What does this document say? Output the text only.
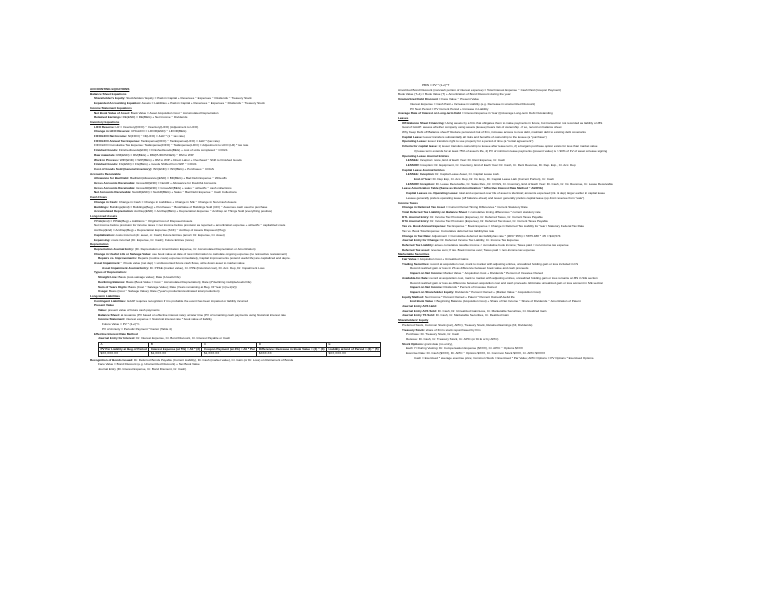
ACCOUNTING EQUATIONS
Balance Sheet Equations
Shareholder's Equity: Stockholders' Equity = Paid-in Capital + Revenues − Expenses − Dividends − Treasury Stock
Expanded Accounting Equation: Assets = Liabilities + Paid-in Capital + Revenues − Expenses − Dividends − Treasury Stock
Income Statement Equations
Net Book Value of Asset: Book Value = Asset Acquisition Cost − Accumulated Depreciation
Retained Earnings: RE(END) = RE(BEG) + Net Income − Dividends
Inventory Equations
LIFO Reserve: LR = Inventory(FIFO) − Inventory(LIFO) (Adjustment to LIFO)
Change in LIFO Reserve: CHGLIFO = LIFOR(END) − LIFOR(BEG)
FIFO/LIFO Net Income: NI(FIFO) − NI(LIFO) = ΔLR * (1 − tax rate)
FIFO/LIFO Annual Tax Expense: TaxExpense(FIFO) − TaxExpense(LIFO) = ΔLR * (tax rate)
FIFO/LIFO Cumulative Tax Expense: TaxExpense(FIFO) − TaxExpense(LIFO) = Adjustment to LIFO (LR) * tax rate
Finished Goods: FinishedGoods(END) = FinishedGoods(BEG) + cost of units completed − COGS
Raw materials: RM(END) = RM(BEG) + RM(PURCHASES) − RM to WIP
Work in Process: WIP(END) = WIP(BEG) + RM to WIP + Direct Labor + Overhead − Shift to Finished Goods
Finished Goods: FG(END) = FG(BEG) + Goods Shifted from WIP − COGS
Cost of Goods Sold (General Inventory): INV(END) = INV(BEG) + Purchases − COGS
Accounts Receivable
Allowance for Bad Debt: BadDebt(Allowance)(END) = BD(BEG) + Bad Debt Expense − Writeoffs
Gross Accounts Receivable: GrossAR(END) = NetAR + Allowance for Doubtful Accounts
Gross Accounts Receivable: GrossAR(END) = GrossAR(BEG) + sales − writeoffs − cash collections
Net Accounts Receivable: NetAR(END) = NetAR(BEG) + Sales − Bad Debt Expense − Cash Collections
Cash Flows
Change in Cash: Change in Cash = Change in Liabilities + Change in S/E − Change in Non-Cash Assets
Buildings: Buildings(End) = Buildings(Beg) + Purchases − BookValue of Buildings Sold (CFI) − Assumes cash used to purchase
Accumulated Depreciation: AccDep(END) = AccDep(BEG) + Depreciation Expense − AccDep on Things Sold (everything positive)
Long-Lived Assets
PP&E(End) = PP&E(Beg) + Additions − Original Cost of Disposed Assets
Net income before provision for income taxes = net income before provision as reported + amortization expense + writeoffs − capitalized costs
AccDep(End) = AccDep(Beg) + Depreciation Expense (SCF) − AccDep of Assets Disposed (Plug)
Capitalization: costs incurred (dr. asset, cr. Cash) Future Entries (amort: Dr. Expense, Cr. Asset)
Expensing: costs incurred (Dr. Expense, Cr. Cash); Future Entries (none)
Depreciation
Depreciation Journal Entry: (Dr. Depreciation or Amortization Expense, Cr. Accumulated Depreciation or Amortization)
Change in Useful Life or Salvage Value: use book value at date of new information to calculate ongoing expense (no retroactive restatement)
Repairs vs. Improvements: Repairs (routine costs) expense immediately, Capital improvements (extend useful life) are capitalized and depre.
Asset Impairment − if book value (net dep) > undiscounted future cash flows, write down asset to market value
Asset Impairment Journal Entry: Dr. PP&E (market value), Cr. PPE (historical cost), Dr. Acc. Dep, Dr. Impairment Loss
Types of Depreciation:
Straight Line: Basis (cost-salvage value); Rate (1/useful life)
Declining Balance: Basis (Book Value = Cost − Accumulated Depreciation); Rate (2*declining multiple/useful life)
Sum of Years Digits: Basis (Cost − Salvage Value); Rate (Years remaining at Beg. Of Year (n(n+1)/2))
Usage: Basis (Cost − Salvage Value); Rate (*year's production/estimated total production)
Long-term Liabilities
Contingent Liabilities: GAAP requires recognition if it is probable the event has been impaired or liability incurred
Present Value
Value: present value of future cash payments
Balance Sheet: at issuance (PV based on effective interest rate); at later time (PV of remaining cash payments using historical interest rate
Income Statement: interest expense = historical interest rate * book value of liability
Future Value = PV * (1+r)^n
PV of Annuity = Periodic Payment * Factor (Table 4)
Effective Interest Rate Method
Journal Entry for Interest: Dr. Interest Expense, Cr. Bond Discount, Cr. Interest Payable or Cash
A	B	C	D	E
PV Per Liability at Beg of Period	Interest Expense (at 5%) = A0 * (3)	Coupon Payment (at 4%) = A0 * Par	Difference: Decrease in Book Value = (4) − (3)	Liability at End of Period = (3) − (5)
$XX,XXX.XX	$1,XXX.XX	$1,XXX.XX	$XXX.XX	$XX,XXX.XX
Recognition of Bonds Issued: Dr. Deferred Bonds Payable (Current Liability), Dr. Cash (market value), Cr. Gain (or Dr. Loss) on Retirement of Bonds
Face Value = Bond Discount (e.g. Unamortized Discount) + Net Book Value
Journal Entry (Dr. Interest Expense, Cr. Bond Discount, Cr. Cash)
PBIN = PV * (1+r)^T
Amortized Bond Discount (noncash portion of interest expense) = Total Interest Expense − Cash Paid (Coupon Payment)
Book Value (T+1) = Book Value (T) + Amortization of Bond Discount during the year
Unamortized Debt Discount = Face Value − Present Value
Interest Expense = Cash Paid + Increase in Liability (e.g. Decrease in unamortized Discount)
PV Next Period = PV Current Period + Increase in Liability
Average Rate of Interest on Long-term Debt = Interest Expense in Year (t)/Average Long-term Debt Outstanding
Leases
Off-Balance Sheet Financing: Using assets by a firm that obligates them to make payments in future, but transaction not recorded as liability on BS
Goal of GAAP: assess whether company using assets (lessee) bears risk of ownership - if so, record on balance sheet
Why Keep Debt off Balance sheet? Reduce perceived risk of firm, increase access to new debt, maintain debt to existing debt covenants
Capital Lease: lessor transfers substantially all risks and benefits of ownership to the lessee (a "purchase")
Operating Lease: lessor transfers right to use property for a period of time (a "rental agreement")
Criteria for capital lease: 1) lessor transfers ownership to lessee after lease term, 2) a bargain purchase option exists for less than market value
3) lease term extends for at least 75% of asset's life, 4) PV of minimum lease payments (present value) is > 90% of FV of asset at lease signing
Operating Lease Journal Entries
LESSEE: Inception: none, End of Each Year: Dr. Rent Expense, Cr. Cash
LESSOR: Inception: Dr. Equipment, Cr. Inventory, End of Each Year: Dr. Cash, Cr. Rent Revenue, Dr. Dep. Exp., Cr. Acc. Dep
Capital Lease Journal Entries
LESSEE: Inception: Dr. Capital Lease Asset, Cr. Capital Lease Liab.
End of Year: Dr. Dep Exp, Cr. Acc. Dep, Dr. Int. Exp., Dr. Capital Lease Liab (Current Portion), Cr. Cash
LESSOR: Inception: Dr. Lease Receivable, Cr. Sales Rev., Dr. COGS, Cr. Inventory, End of Each Year: Dr. Cash, Cr. Int. Revenue, Cr. Lease Receivable
Lease Amortization Table (Same as Bond Amortization − Effective Interest Rate Method − ABOVE)
Capital Leases vs. Operating Lease: total and expensed over life of asset is identical; amounts expensed (int. & dep) larger earlier in capital lease
Lessee generally prefers operating lease (off balance-sheet) and lessor generally prefers capital lease (up-front revenue from "sale")
Income Taxes
Change in Deferred Tax Asset = Current Period Timing Differences * Current Statutory Rate
Total Deferred Tax Liability on Balance Sheet = cumulative timing differences * current statutory rate
DTL Journal Entry: Dr. Income Tax Provision (Expense), Cr. Deferred Taxes, Cr. Current Taxes Payable
DTA Journal Entry: Dr. Income Tax Provision (Expense), Dr. Deferred Tax Asset, Cr. Current Taxes Payable
Tax vs. Book Annual Expense: Tax Expense − Book Expense = Change in Deferred Tax Liability for Year / Statutory Federal Tax Rate
Tax vs. Book Total Expense: Cumulative deferred tax liability/tax rate
Change in Tax Rate: Adjustment = Cumulative deferred tax liability/tax rate * (30%−35%) = 5875.488 * .05 = $43,574
Journal Entry for Change: Dr. Deferred Income Tax Liability, Cr. Income Tax Expense
Deferred Tax Liability: arises cumulative taxable income < cumulative book income; Taxes paid < non-income tax expense
Deferred Tax asset: reverse sum; If tax. Book income over; Taxes paid > non-income tax expense
Marketable Securities
Fair Value = Acquisition Cost + Unrealized Gains
Trading Securities: record at acquisition cost, mark to market with adjusting entries, unrealized holding gain or loss included in I/S
Record realized gain or loss in I/S as difference between book value and cash proceeds
Impact on Net Income: Market Value − Acquisition Cost + Dividends * Percent of Investee Owned
Available-for-Sale: record at acquisition cost, mark to market with adjusting entries, unrealized holding gain or loss remains on BS in S/E section
Record realized gain or loss as difference between acquisition cost and cash proceeds. Eliminate unrealized gain or loss account in S/E section
Impact on Net Income: Dividends * Percent of Investee Owned
Impact on Shareholder Equity: Dividends * Percent Owned + (Market Value − Acquisition Cost)
Equity Method: Net Income * Percent Owned + Patent * Percent Owned/Useful life
End Book Value = Beginning Balance (Acquisition Cost) + Share of Net Income − Share of Dividends − Amortization of Patent
Journal Entry AFS Held:
Journal Entry AFS Sold: Dr. Cash, Dr. Unrealized Gain/Loss, Cr. Marketable Securities, Cr. Realized Gain
Journal Entry TS Sold: Dr. Cash, Cr. Marketable Securities, Cr. Realized Gain
Shareholders' Equity
Preferred Stock, Common Stock (par), APIC), Treasury Stock, Retained Earnings (NI, Dividends)
Treasury Stock: share of firm's stock repurchased by firm
Purchase: Dr. Treasury Stock, Cr. Cash
Reissue: Dr. Cash, Cr. Treasury Stock, Cr. APIC (or Dr.E or by APIC)
Stock Options: grant date (no entry),
Each Yr During Vesting: Dr. Compensation Expense ($XXX), Cr. APIC − Options $XXX
Exercise Date: Dr. Cash ($XXX), Dr. APIC − Options $XXX, Cr. Common Stock $XXX, Cr. APIC $XXXX
Cash = Exercised * average exercise price; Common Stock = Exercised * Par Value; APIC Options = PV Options * Exercised Options.
